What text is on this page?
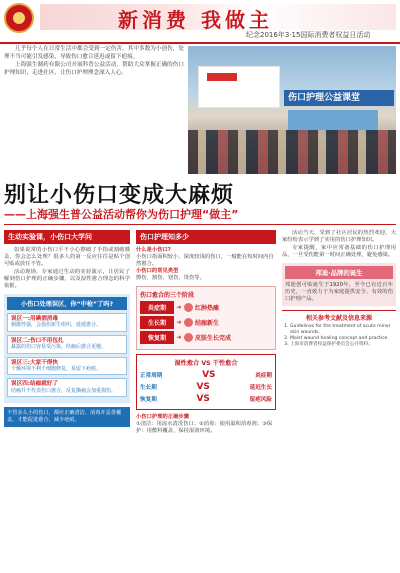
新消费 我做主
纪念2016年3·15国际消费者权益日活动

几乎每个人在日常生活中都会受到一定伤害，其中多数为小创伤，处理不当可能引发感染，导致伤口愈合延迟或留下疤痕。

上海强生制药有限公司开展科普公益活动，帮助大众掌握正确的伤口护理知识，走进社区，让伤口护理理念深入人心。

伤口护理公益课堂
别让小伤口变成大麻烦
——上海强生普公益活动帮你为伤口护理“做主”
生动实验课，小伤口大学问

如果说常的小伤口平不小心擦破了手指或割破膝盖，你会怎么处理？很多人的第一反应往往是贴个创可贴或放任不管。

活动现场，专家通过生动的实验演示，让居民了解到伤口护理的正确步骤，以及湿性愈合理念的科学依据。

小伤口处理误区，你“中枪”了吗?
误区一:用碘酒消毒
刺激性强，会损伤新生组织，延缓愈合。
误区二:伤口不用包扎
暴露的伤口容易受污染，结痂后愈合更慢。
误区三:大家干得快
干燥环境不利于细胞修复，易留下疤痕。
误区四:结痂就好了
结痂并不代表伤口愈合，反复撕痂会加重损伤。
不管多么小的伤口，都应正确清洁、消毒并妥善覆盖，才能促进愈合、减少疤痕。
伤口护理知多少
什么是小伤口?
小伤口指面积较小、深度较浅的伤口，一般能在短时间内自然愈合。
小伤口的常见类型
擦伤、割伤、划伤、烫伤等。
伤口愈合的三个阶段
炎症期	➔	红肿热痛
生长期	➔	结痂新生
恢复期	➔	皮肤生长完成
湿性愈合 VS 干性愈合
正常周期	VS	炎症期
生长期	VS	延迟生长
恢复期	VS	留疤风险
小伤口护理的正确步骤
①清洁：用流水清洗伤口；②消毒：使用温和消毒剂；③保护：用敷料覆盖，保持湿润环境。

活动当天，受到了社区居民的热烈欢迎，大家纷纷表示学到了实用的伤口护理知识。

专家提醒，家中应常备基础的伤口护理用品，一旦受伤能第一时间正确处理，避免感染。

邦迪·品牌的诞生
邦迪创可贴诞生于1920年，至今已有近百年历史，一直致力于为家庭提供安全、有效的伤口护理产品。
相关参考文献及信息来源
1. Guidelines for the treatment of acute minor skin wounds.
2. Moist wound healing concept and practice.
3. 上海市消费者权益保护委员会公开资料。
